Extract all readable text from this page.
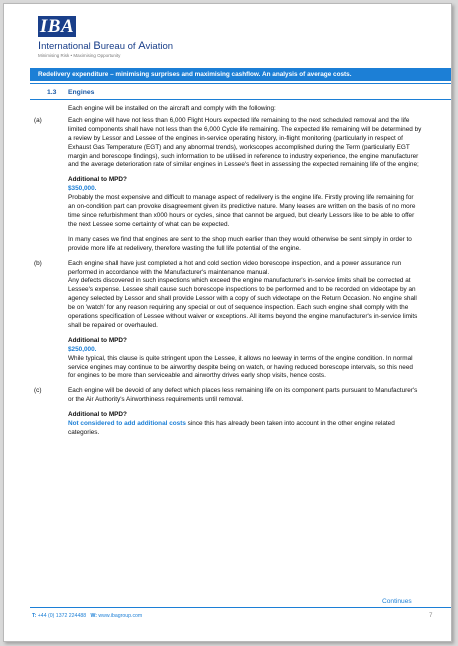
IBA
International Bureau of Aviation
Minimising Risk • Maximising Opportunity
Redelivery expenditure – minimising surprises and maximising cashflow. An analysis of average costs.
1.3 Engines
Each engine will be installed on the aircraft and comply with the following:
(a)	Each engine will have not less than 6,000 Flight Hours expected life remaining to the next scheduled removal and the life limited components shall have not less than the 6,000 Cycle life remaining. The expected life remaining will be determined by a review by Lessor and Lessee of the engines in-service operating history, in-flight monitoring (particularly in respect of Exhaust Gas Temperature (EGT) and any abnormal trends), workscopes accomplished during the Term (particularly EGT margin and borescope findings), such information to be utilised in reference to industry experience, the engine manufacturer and the average deterioration rate of similar engines in Lessee's fleet in assessing the expected remaining life of the engine;

Additional to MPD?

$350,000.

Probably the most expensive and difficult to manage aspect of redelivery is the engine life. Firstly proving life remaining for an on-condition part can provoke disagreement given its predictive nature. Many leases are written on the basis of no more time since refurbishment than x000 hours or cycles, since that cannot be argued, but clearly Lessors like to be able to offer the next Lessee some certainty of what can be expected.

In many cases we find that engines are sent to the shop much earlier than they would otherwise be sent simply in order to provide more life at redelivery, therefore wasting the full life potential of the engine.

(b)	Each engine shall have just completed a hot and cold section video borescope inspection, and a power assurance run performed in accordance with the Manufacturer's maintenance manual.

Any defects discovered in such inspections which exceed the engine manufacturer's in-service limits shall be corrected at Lessee's expense. Lessee shall cause such borescope inspections to be performed and to be recorded on videotape by an agency selected by Lessor and shall provide Lessor with a copy of such videotape on the Return Occasion. No engine shall be on 'watch' for any reason requiring any special or out of sequence inspection. Each such engine shall comply with the operations specification of Lessee without waiver or exceptions. All items beyond the engine manufacturer's in-service limits

shall be repaired or overhauled.

Additional to MPD?

$250,000.

While typical, this clause is quite stringent upon the Lessee, it allows no leeway in terms of the engine condition. In normal service engines may continue to be airworthy despite being on watch, or having reduced borescope intervals, so this need for engines to be more than serviceable and airworthy drives early shop visits, hence costs.

(c)	Each engine will be devoid of any defect which places less remaining life on its component parts pursuant to Manufacturer's or the Air Authority's Airworthiness requirements until removal.

Additional to MPD?

Not considered to add additional costs since this has already been taken into account in the other engine related categories.

Continues
T: +44 (0) 1372 224488 W: www.ibagroup.com	7
